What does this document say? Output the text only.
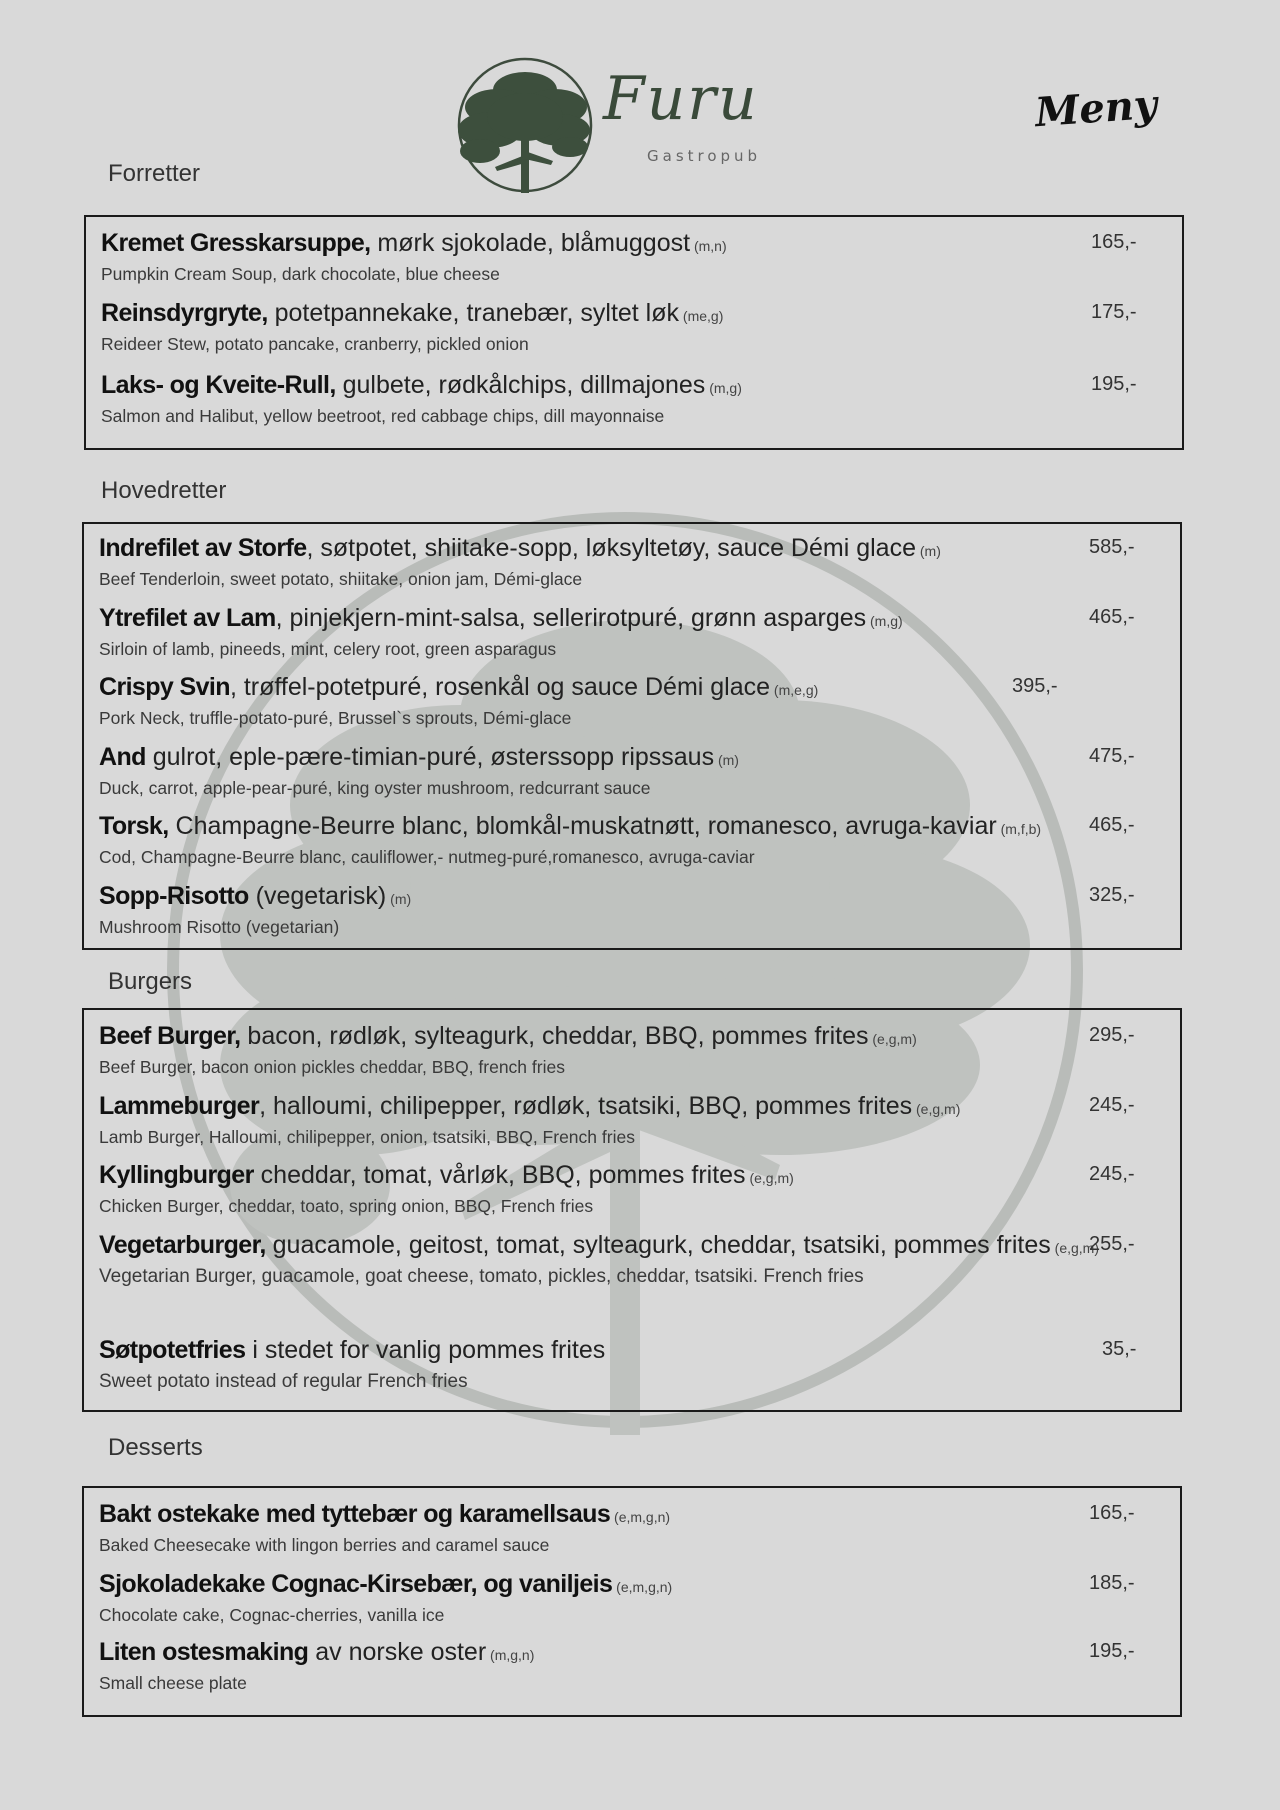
Furu
Gastropub
Meny
Forretter
Kremet Gresskarsuppe, mørk sjokolade, blåmuggost (m,n)
Pumpkin Cream Soup, dark chocolate, blue cheese
165,-
Reinsdyrgryte, potetpannekake, tranebær, syltet løk (me,g)
Reideer Stew, potato pancake, cranberry, pickled onion
175,-
Laks- og Kveite-Rull, gulbete, rødkålchips, dillmajones (m,g)
Salmon and Halibut, yellow beetroot, red cabbage chips, dill mayonnaise
195,-
Hovedretter
Indrefilet av Storfe, søtpotet, shiitake-sopp, løksyltetøy, sauce Démi glace (m)
Beef Tenderloin, sweet potato, shiitake, onion jam, Démi-glace
585,-
Ytrefilet av Lam, pinjekjern-mint-salsa, sellerirotpuré, grønn asparges (m,g)
Sirloin of lamb, pineeds, mint, celery root, green asparagus
465,-
Crispy Svin, trøffel-potetpuré, rosenkål og sauce Démi glace (m,e,g)
Pork Neck, truffle-potato-puré, Brussel`s sprouts, Démi-glace
395,-
And gulrot, eple-pære-timian-puré, østerssopp ripssaus (m)
Duck, carrot, apple-pear-puré, king oyster mushroom, redcurrant sauce
475,-
Torsk, Champagne-Beurre blanc, blomkål-muskatnøtt, romanesco, avruga-kaviar (m,f,b)
Cod, Champagne-Beurre blanc, cauliflower,- nutmeg-puré,romanesco, avruga-caviar
465,-
Sopp-Risotto (vegetarisk) (m)
Mushroom Risotto (vegetarian)
325,-
Burgers
Beef Burger, bacon, rødløk, sylteagurk, cheddar, BBQ, pommes frites (e,g,m)
Beef Burger, bacon onion pickles cheddar, BBQ, french fries
295,-
Lammeburger, halloumi, chilipepper, rødløk, tsatsiki, BBQ, pommes frites (e,g,m)
Lamb Burger, Halloumi, chilipepper, onion, tsatsiki, BBQ, French fries
245,-
Kyllingburger cheddar, tomat, vårløk, BBQ, pommes frites (e,g,m)
Chicken Burger, cheddar, toato, spring onion, BBQ, French fries
245,-
Vegetarburger, guacamole, geitost, tomat, sylteagurk, cheddar, tsatsiki, pommes frites (e,g,m)
Vegetarian Burger, guacamole, goat cheese, tomato, pickles, cheddar, tsatsiki. French fries
255,-
Søtpotetfries i stedet for vanlig pommes frites
Sweet potato instead of regular French fries
35,-
Desserts
Bakt ostekake med tyttebær og karamellsaus (e,m,g,n)
Baked Cheesecake with lingon berries and caramel sauce
165,-
Sjokoladekake Cognac-Kirsebær, og vaniljeis (e,m,g,n)
Chocolate cake, Cognac-cherries, vanilla ice
185,-
Liten ostesmaking av norske oster (m,g,n)
Small cheese plate
195,-
